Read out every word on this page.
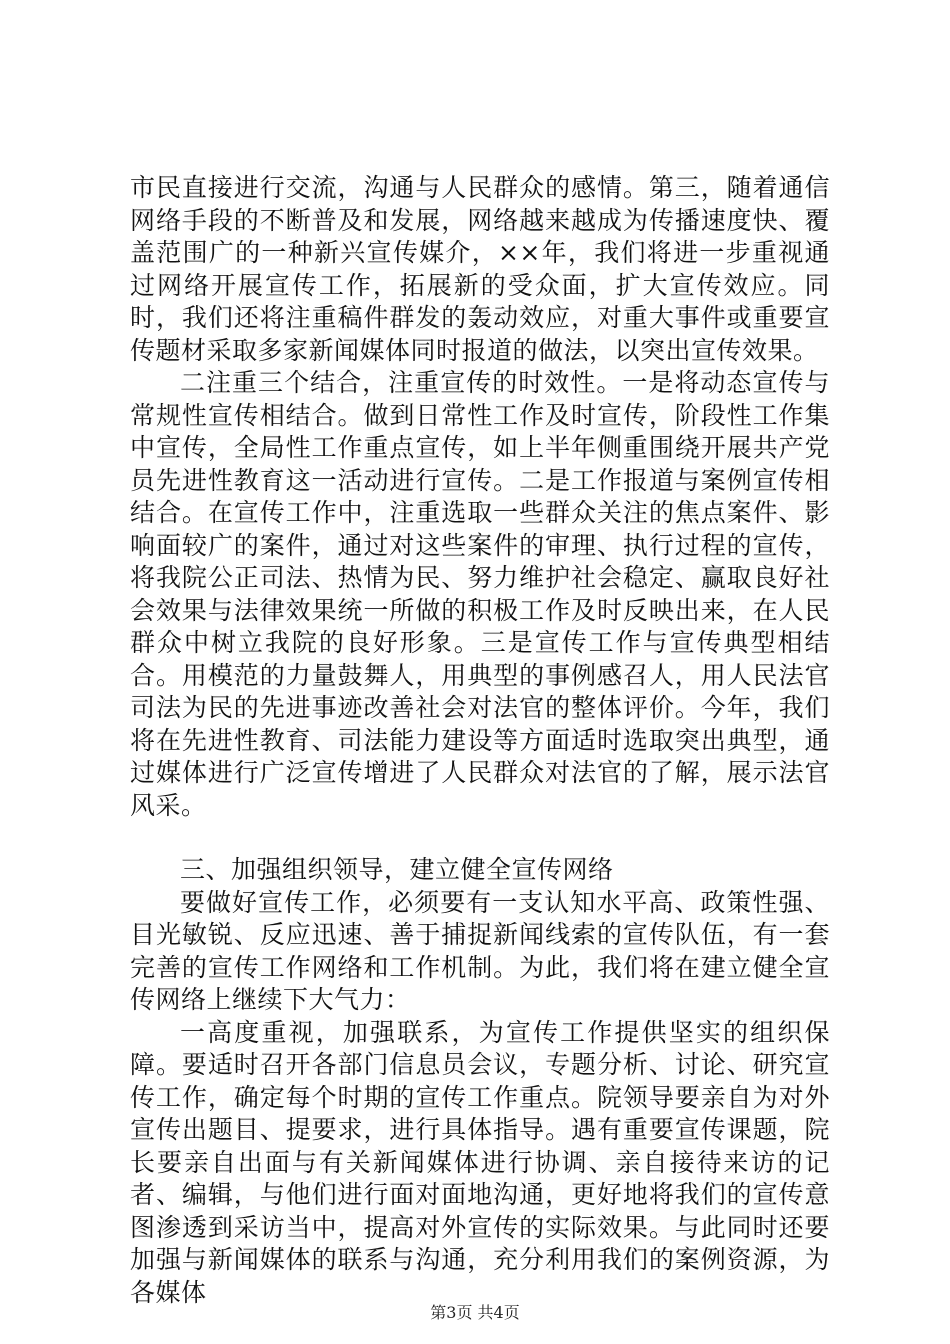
市民直接进行交流，沟通与人民群众的感情。第三，随着通信网络手段的不断普及和发展，网络越来越成为传播速度快、覆盖范围广的一种新兴宣传媒介，××年，我们将进一步重视通过网络开展宣传工作，拓展新的受众面，扩大宣传效应。同时，我们还将注重稿件群发的轰动效应，对重大事件或重要宣传题材采取多家新闻媒体同时报道的做法，以突出宣传效果。

二注重三个结合，注重宣传的时效性。一是将动态宣传与常规性宣传相结合。做到日常性工作及时宣传，阶段性工作集中宣传，全局性工作重点宣传，如上半年侧重围绕开展共产党员先进性教育这一活动进行宣传。二是工作报道与案例宣传相结合。在宣传工作中，注重选取一些群众关注的焦点案件、影响面较广的案件，通过对这些案件的审理、执行过程的宣传，将我院公正司法、热情为民、努力维护社会稳定、赢取良好社会效果与法律效果统一所做的积极工作及时反映出来，在人民群众中树立我院的良好形象。三是宣传工作与宣传典型相结合。用模范的力量鼓舞人，用典型的事例感召人，用人民法官司法为民的先进事迹改善社会对法官的整体评价。今年，我们将在先进性教育、司法能力建设等方面适时选取突出典型，通过媒体进行广泛宣传增进了人民群众对法官的了解，展示法官风采。

三、加强组织领导，建立健全宣传网络

要做好宣传工作，必须要有一支认知水平高、政策性强、目光敏锐、反应迅速、善于捕捉新闻线索的宣传队伍，有一套完善的宣传工作网络和工作机制。为此，我们将在建立健全宣传网络上继续下大气力：

一高度重视，加强联系，为宣传工作提供坚实的组织保障。要适时召开各部门信息员会议，专题分析、讨论、研究宣传工作，确定每个时期的宣传工作重点。院领导要亲自为对外宣传出题目、提要求，进行具体指导。遇有重要宣传课题，院长要亲自出面与有关新闻媒体进行协调、亲自接待来访的记者、编辑，与他们进行面对面地沟通，更好地将我们的宣传意图渗透到采访当中，提高对外宣传的实际效果。与此同时还要加强与新闻媒体的联系与沟通，充分利用我们的案例资源，为各媒体

第3页 共4页
